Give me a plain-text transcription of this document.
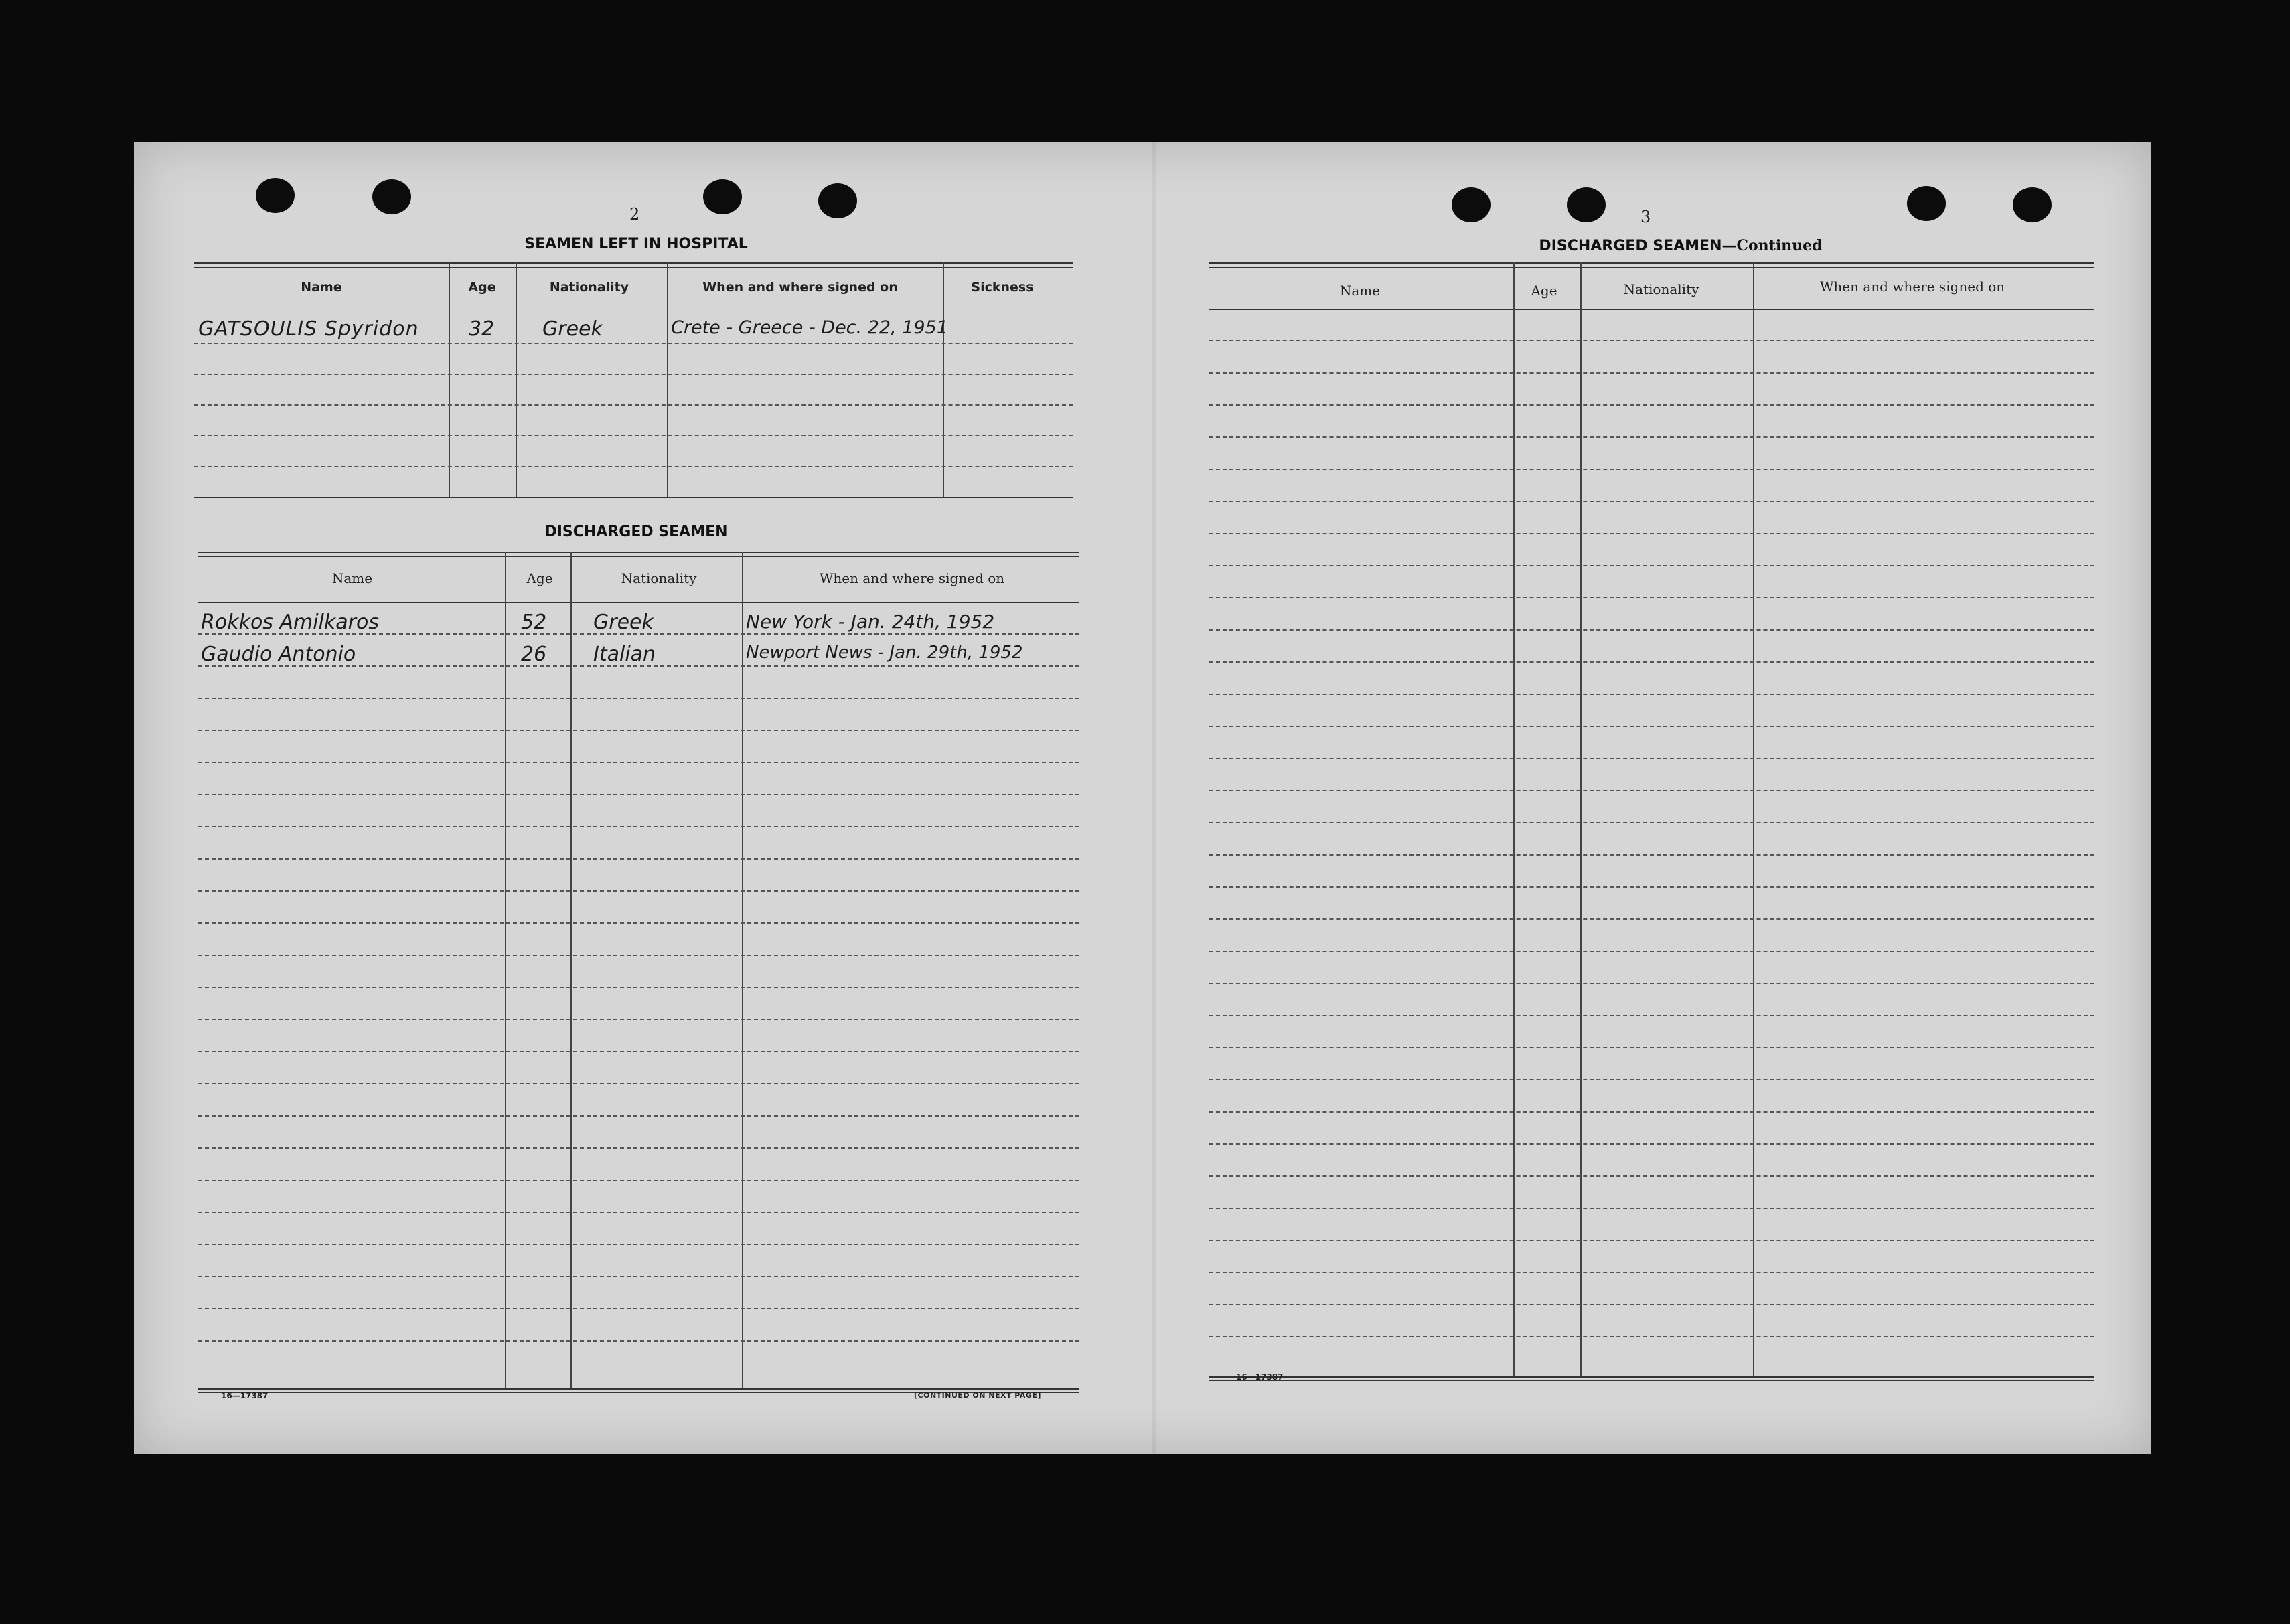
2
SEAMEN LEFT IN HOSPITAL
Name	Age	Nationality	When and where signed on	Sickness
GATSOULIS Spyridon 32 Greek	Crete - Greece - Dec. 22, 1951
DISCHARGED SEAMEN
Name	Age	Nationality	When and where signed on
Rokkos Amilkaros	52 Greek	New York - Jan. 24th, 1952
Gaudio Antonio	26 Italian	Newport News - Jan. 29th, 1952
16—17387	[CONTINUED ON NEXT PAGE]
3
DISCHARGED SEAMEN—Continued
Name	Age	Nationality	When and where signed on
16—17387
